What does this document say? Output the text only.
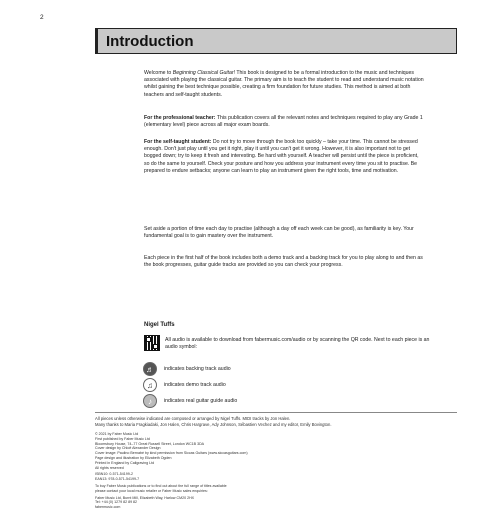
2
Introduction

Welcome to Beginning Classical Guitar! This book is designed to be a formal introduction to the music and techniques associated with playing the classical guitar. The primary aim is to teach the student to read and understand music notation whilst gaining the best technique possible, creating a firm foundation for future studies. This method is aimed at both teachers and self-taught students.

For the professional teacher: This publication covers all the relevant notes and techniques required to play any Grade 1 (elementary level) piece across all major exam boards.

For the self-taught student: Do not try to move through the book too quickly – take your time. This cannot be stressed enough. Don't just play until you get it right, play it until you can't get it wrong. However, it is also important not to get bogged down; try to keep it fresh and interesting. Be hard with yourself. A teacher will persist until the piece is proficient, so do the same to yourself. Check your posture and how you address your instrument every time you sit to practise. Be prepared to endure setbacks; anyone can learn to play an instrument given the right tools, time and motivation.

Set aside a portion of time each day to practise (although a day off each week can be good), as familiarity is key. Your fundamental goal is to gain mastery over the instrument.

Each piece in the first half of the book includes both a demo track and a backing track for you to play along to and then as the book progresses, guitar guide tracks are provided so you can check your progress.

Nigel Tuffs
All audio is available to download from fabermusic.com/audio or by scanning the QR code. Next to each piece is an audio symbol:
♬	indicates backing track audio
♫	indicates demo track audio
♪	indicates real guitar guide audio

All pieces unless otherwise indicated are composed or arranged by Nigel Tuffs. MIDI tracks by Jon Halen.

Many thanks to Maria Fragkiadaki, Jon Halen, Chris Hargrave, Ady Johnson, Sébastien Vechez and my editor, Emily Bovington.

© 2021 by Faber Music Ltd

First published by Faber Music Ltd

Bloomsbury House, 74–77 Great Russell Street, London WC1B 3DA

Cover design by Chloë Alexander Design

Cover image: Paulino Bernabé by kind permission from Siccas Guitars (www.siccasguitars.com)

Page design and illustration by Elizabeth Ogden

Printed in England by Caligraving Ltd

All rights reserved

ISBN10: 0-571-54199-2

EAN13: 978-0-571-54199-7

To buy Faber Music publications or to find out about the full range of titles available

please contact your local music retailer or Faber Music sales enquiries:

Faber Music Ltd, Burnt Mill, Elizabeth Way, Harlow CM20 2HX

Tel: +44 (0) 1279 82 89 82

fabermusic.com
